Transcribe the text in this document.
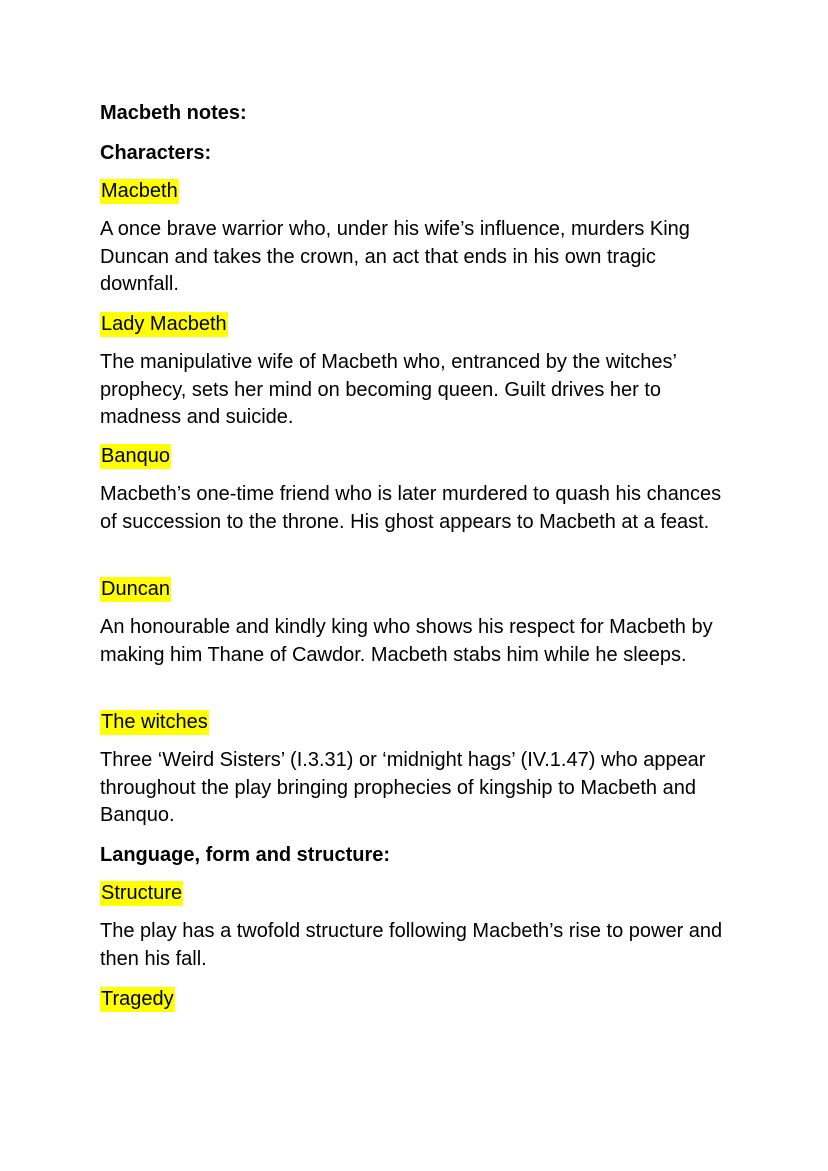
Macbeth notes:

Characters:

Macbeth

A once brave warrior who, under his wife’s influence, murders King Duncan and takes the crown, an act that ends in his own tragic downfall.

Lady Macbeth

The manipulative wife of Macbeth who, entranced by the witches’ prophecy, sets her mind on becoming queen. Guilt drives her to madness and suicide.

Banquo

Macbeth’s one-time friend who is later murdered to quash his chances of succession to the throne. His ghost appears to Macbeth at a feast.

Duncan

An honourable and kindly king who shows his respect for Macbeth by making him Thane of Cawdor. Macbeth stabs him while he sleeps.

The witches

Three ‘Weird Sisters’ (I.3.31) or ‘midnight hags’ (IV.1.47) who appear throughout the play bringing prophecies of kingship to Macbeth and Banquo.

Language, form and structure:

Structure

The play has a twofold structure following Macbeth’s rise to power and then his fall.

Tragedy
